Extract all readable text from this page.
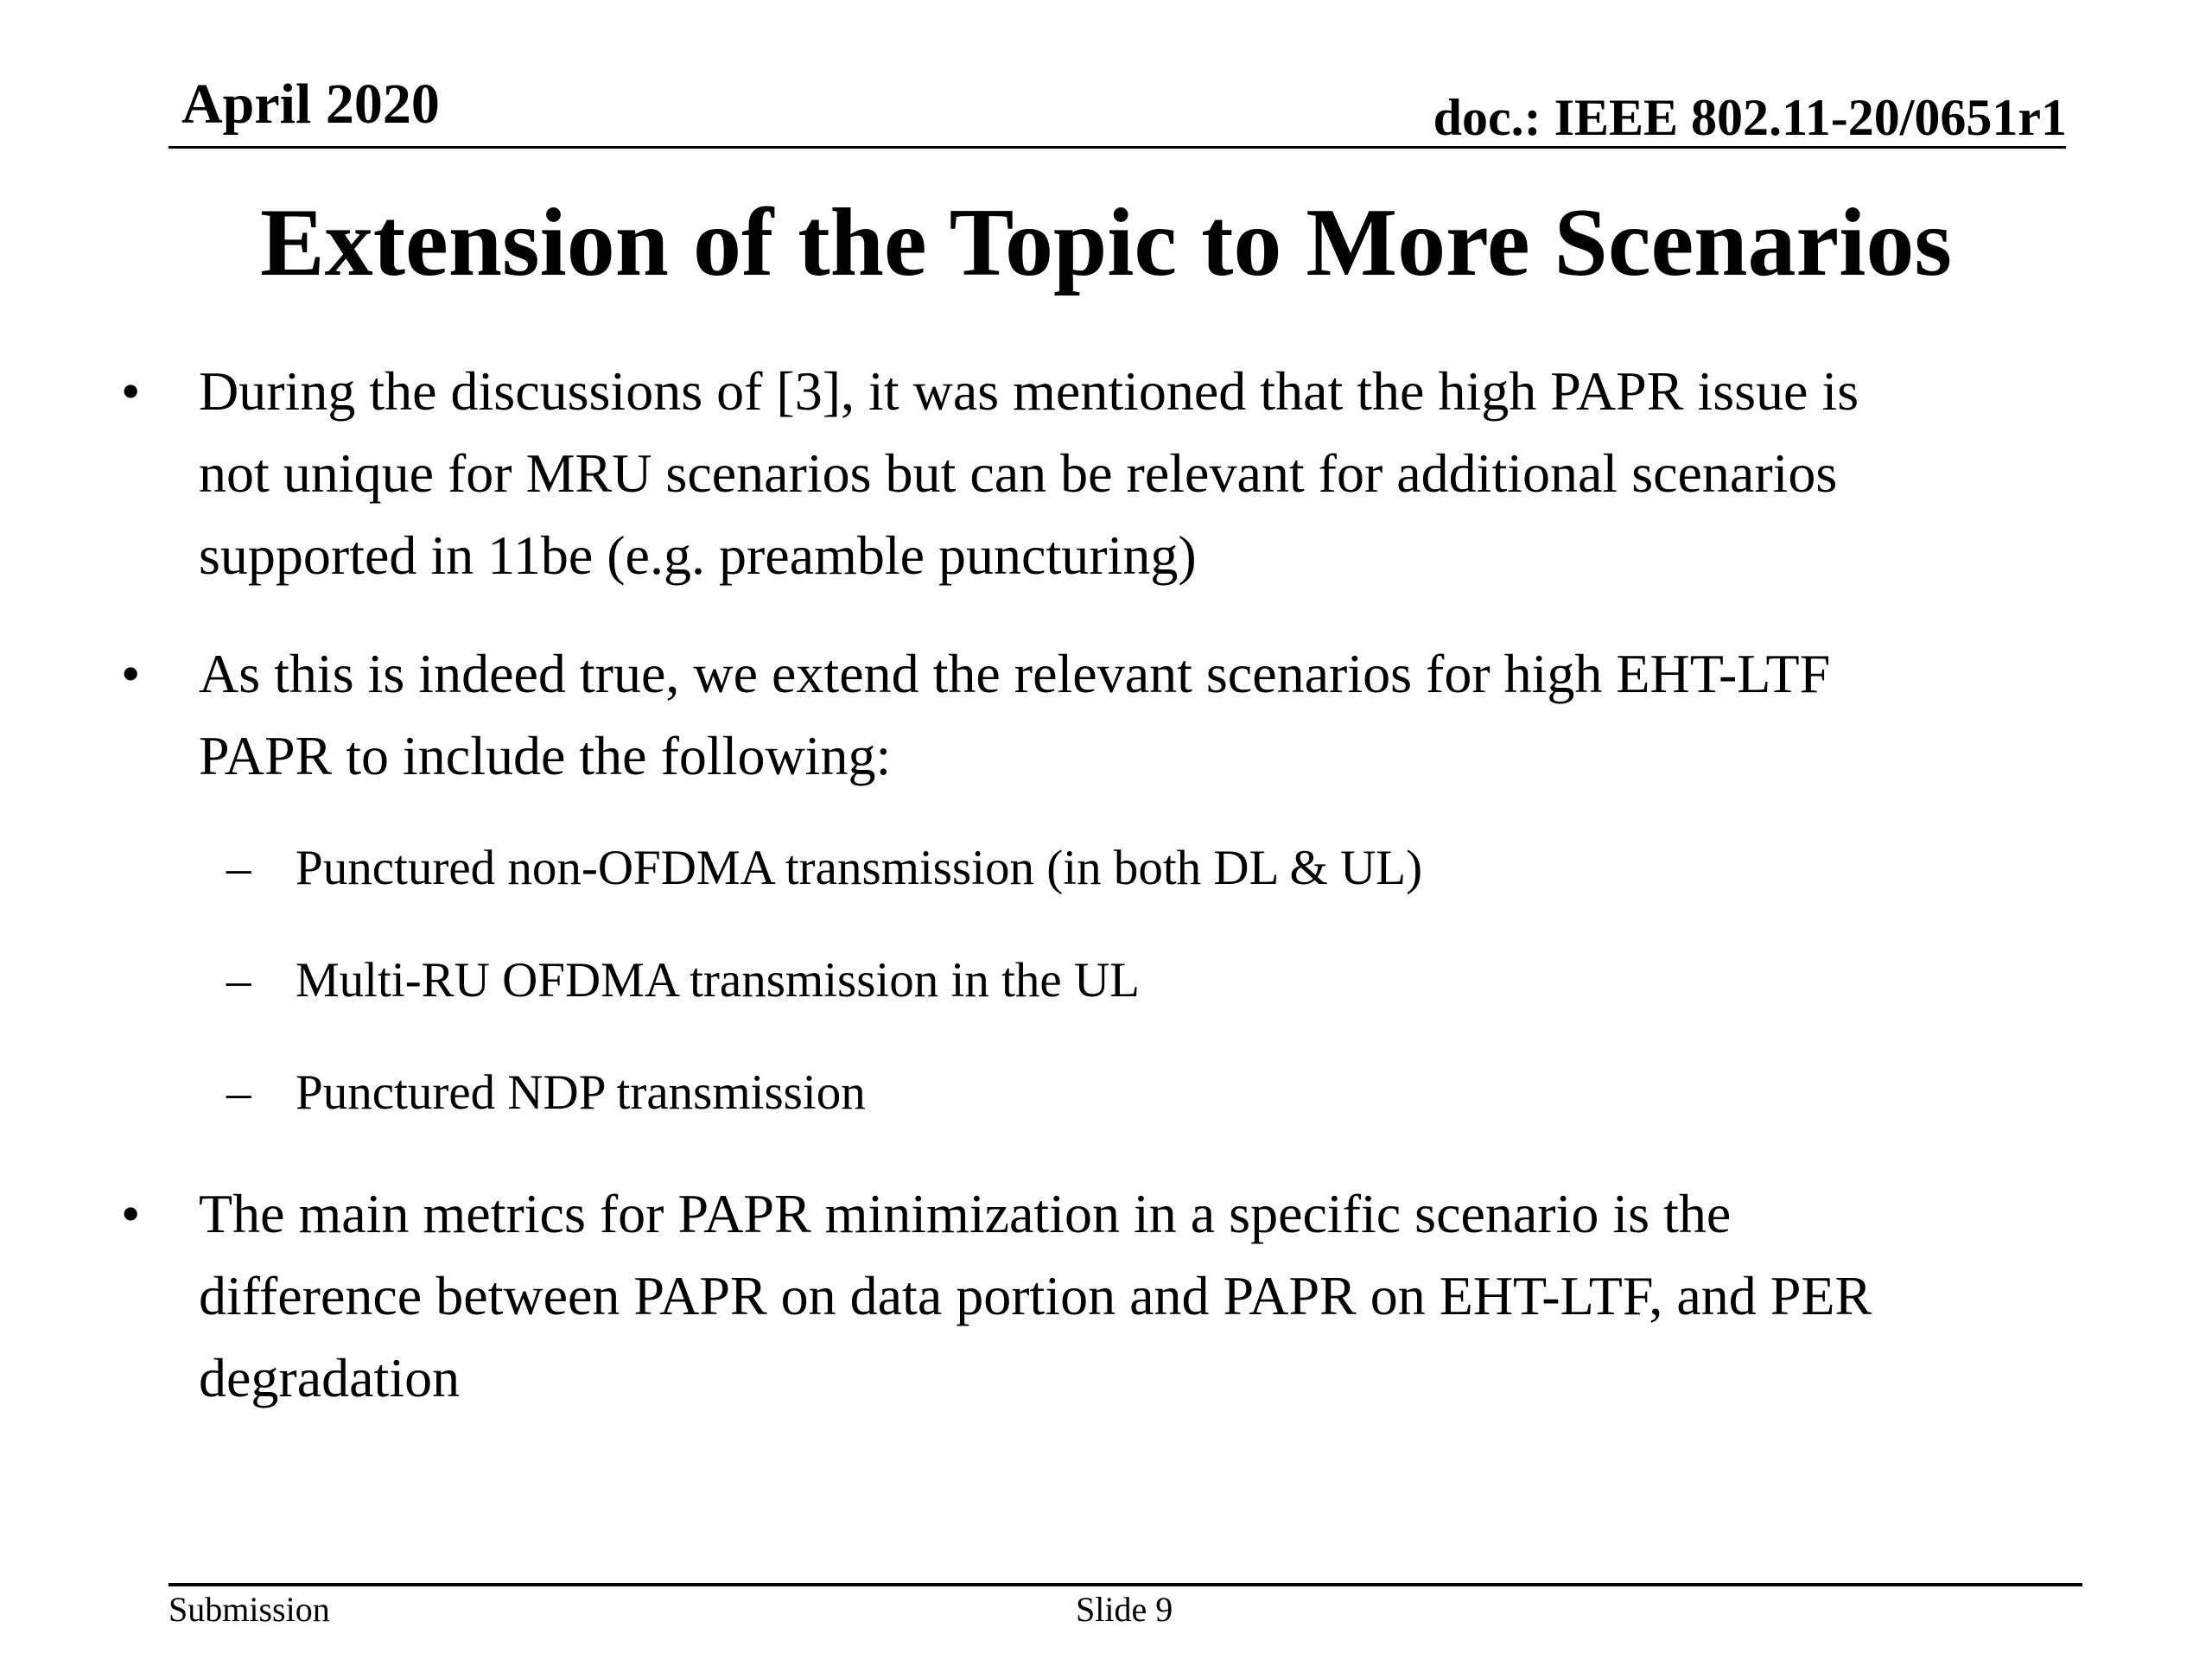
April 2020	doc.: IEEE 802.11-20/0651r1
Extension of the Topic to More Scenarios
• During the discussions of [3], it was mentioned that the high PAPR issue is
not unique for MRU scenarios but can be relevant for additional scenarios
supported in 11be (e.g. preamble puncturing)
• As this is indeed true, we extend the relevant scenarios for high EHT-LTF
PAPR to include the following:
– Punctured non-OFDMA transmission (in both DL & UL)
– Multi-RU OFDMA transmission in the UL
– Punctured NDP transmission
• The main metrics for PAPR minimization in a specific scenario is the
difference between PAPR on data portion and PAPR on EHT-LTF, and PER
degradation
Submission	Slide 9
